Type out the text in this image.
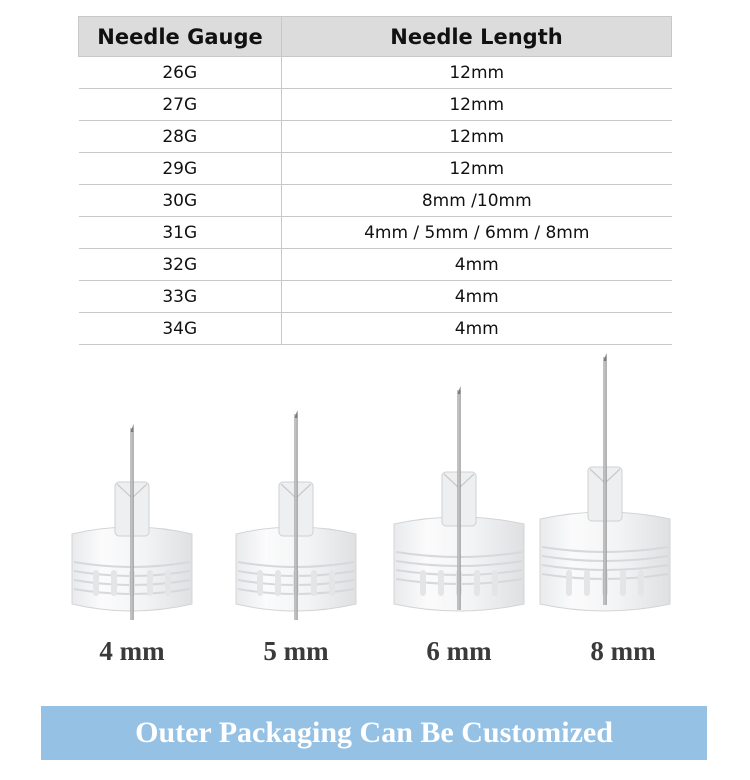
Needle Gauge	Needle Length
26G	12mm
27G	12mm
28G	12mm
29G	12mm
30G	8mm /10mm
31G	4mm / 5mm / 6mm / 8mm
32G	4mm
33G	4mm
34G	4mm
4 mm	5 mm	6 mm	8 mm
Outer Packaging Can Be Customized
